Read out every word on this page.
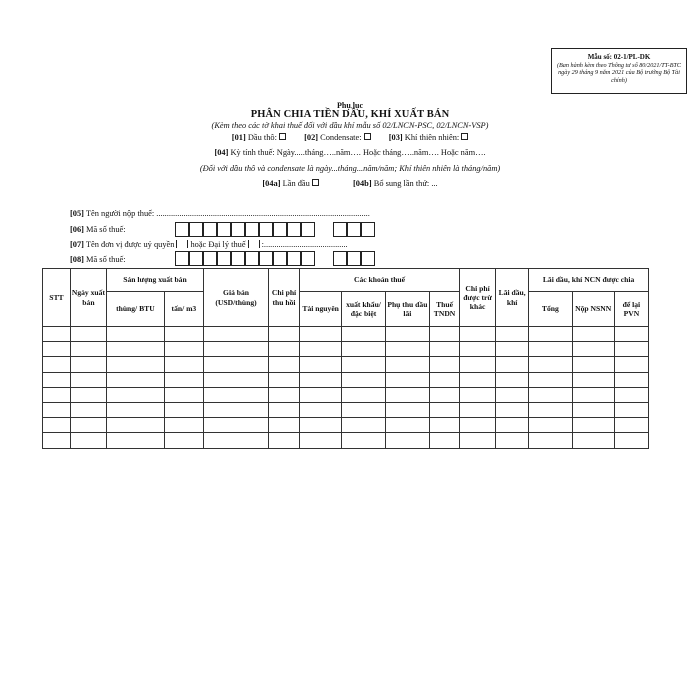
Mẫu số: 02-1/PL-DK
(Ban hành kèm theo Thông tư số 80/2021/TT-BTC ngày 29 tháng 9 năm 2021 của Bộ trưởng Bộ Tài chính)
Phụ lục
PHÂN CHIA TIỀN DẦU, KHÍ XUẤT BÁN
(Kèm theo các tờ khai thuế đối với dầu khí mẫu số 02/LNCN-PSC, 02/LNCN-VSP)
[01] Dầu thô:	[02] Condensate:	[03] Khí thiên nhiên:
[04] Kỳ tính thuế: Ngày.....tháng…..năm…. Hoặc tháng…..năm…. Hoặc năm….
(Đối với dầu thô và condensate là ngày...tháng...năm/năm; Khí thiên nhiên là tháng/năm)
[04a] Lần đầu	[04b] Bổ sung lần thứ: ...
[05] Tên người nộp thuế: ......................................................................................................
[06] Mã số thuế:
[07] Tên đơn vị được uỷ quyền hoặc Đại lý thuế :........................................
[08] Mã số thuế:
STT	Ngày xuất bán	Sản lượng xuất bán		Giá bán (USD/thùng)	Chi phí thu hồi	Các khoản thuế				Chi phí được trừ khác	Lãi dầu, khí	Lãi dầu, khí NCN được chia		
		thùng/ BTU	tấn/ m3			Tài nguyên	xuất khẩu/ đặc biệt	Phụ thu dầu lãi	Thuế TNDN			Tổng	Nộp NSNN	để lại PVN
